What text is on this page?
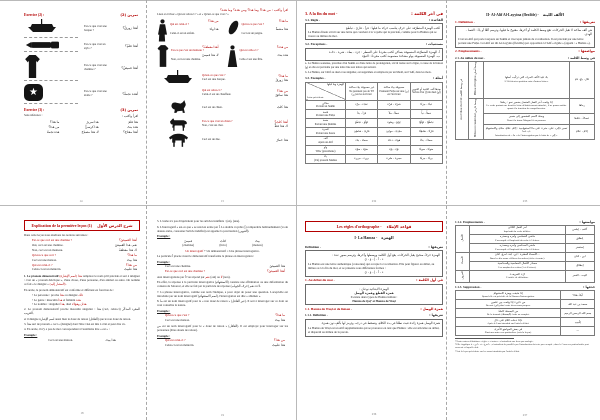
Exercice (2) :	تمرين (2)
Est-ce que c'est une barque ?	أهذا زورقٌ؟
Est-ce que c'est un stylo ?	أهذا قلمٌ؟
Est-ce que c'est une chemise ?	أهذا قميصٌ؟
★	Est-ce que c'est une étoile ?	أهذه نجمةٌ؟
Exercice (3) :	تمرين (3)
Sans référence :	اقرأ واكتب :
هذا قلمٌ
هذا سريرٌ
ما هذا؟
هذه بنتٌ
هذا كرسيٌّ
من هذا؟
أهذا مفتاحٌ؟
لا، هذا مصباحٌ
هذه نجمةٌ
14
اقرأ واكتب : من هذا؟ وما هذا؟ ومن هذه؟ وما هذه؟
Lisez et écrivez « Qui est celui-ci ? » et « Qu'est-ce que c'est ? »
من هذا؟
Qui est celui-ci ?
هذا ولدٌ
Celui-ci est un enfant.
ما هذا؟
Qu'est-ce que c'est ?
هذا مشطٌ
Ceci est un peigne.
أهذا معطفٌ؟
Est-ce que c'est un manteau ?
لا، هذا قميصٌ
Non, ceci est une chemise.
من هذه؟
Qui est celle-ci ?
هذه بنتٌ
Celle-ci est une fille.
Qu'est-ce que c'est ?
Ceci est une barque.
ما هذا؟
هذا زورقٌ
Qui est celui-ci ?
Celui-ci est un chauffeur.
من هذا؟
هذا سائقٌ
Ceci est un chien.	هذا كلبٌ
Est-ce que c'est un chien ?
Non, c'est un chat.
أهذا كلبٌ؟
لا، هذا قطٌّ
Ceci est un âne.	هذا حمارٌ
15
3. A la fin du mot -	في آخر الكلمة :
3.1. Règle -	القاعدة :
تُكتب الهمزة المتطرّفة على حرفٍ يناسب حركة ما قبلها : قرأ - قارئ - تباطؤ
La Hamza finale s'écrit sur une lettre qui convient à la voyelle qui la précède, comme pour la Hamza qui se trouve au milieu du mot.
3.2. Exceptions -	مستثنيات :
أ- الهمزة المتطرّفة المسبوقة بساكن تُكتب مفردةً على السطر : جزء - بطء - شيء - دفء
ب- الهمزة المسبوقة بواو مشدّدة مضمومة تُكتب مفردةً : التبوّء
a- La Hamza soutenue, précédée d'un Sukūn ou d'une lettre de prolongation, s'écrit isolée sur la ligne, à cause de la liaison (و) et elle est précédée par une lettre liée aux lettres qui suivent.
b- La Hamza, sur l'Alif au duel et au singulier, est supprimée et remplacée par un Madd, sur l'Alif, dans les mots.
3.3. Exemples -	أمثلة :
الهمزة وما قبلها
Lettre précédente	غير مسبوقة بياء ساكنة
Ne prennent pas de Yā' (ي) en les écrivant	مسبوقة بياء ساكنة
Prennent Fatḥa sur une (ي) en l'écrivant	بعدها ألف التثنية أو التنوين
Suivie d'un (ا) du duel (أو)
ساكن
Portant un Sukūn	عبْء - جزْء	شيْء - فيْء	عبئًا - جزءًا
فتحة
Portant une Fatḥa	قرَأ - بدَأ	خطَأ - ملَأ	خطأً - نبأً
ضمة
Portant une Ḍamma	لؤلُؤ - تباطُؤ	بُؤبُؤ - وضُوء	تباطُؤًا - لؤلُؤًا
كسرة
Portant une Kasra	قارِئ - شاطِئ	مبادِئ - موانِئ	قارِئًا - شاطِئًا
ألف
Après un Alif	سماء - بناء	هواء - دعاء	سماءً - بناءً
واو
Wāw (précédente)	ضوْء - سوْء	نوْء - بوْء	ضوءًا - سوءًا
ياء
(Un) pronom Suküne	بريء - جريء	مجيء - مليء	بريئًا - جريئًا
232
II- Al-Alif Al-Layyina (flexible) - الألف اللينة
1. Définition -	تعريفها :
هي ألف ساكنة لا تقبل الحركات، تقع وسط الكلمة أو آخرها، مفتوحٌ ما قبلها، وترسم ألفًا أو ياءً : العصا - الهدى.
C'est un Alif qui porte toujours un Sukūn et n'accepte jamais de vocalisation. Il est précédé par une lettre portant une Fatḥa. Cet Alif est dit Al-Layyina (flexible) par opposition à l'Alif « rigide » (appelé : « Hamza »).
2. Emplacements -	مواضعها :
2.1. Au milieu du mot -	في وسط الكلمة :
في وسط الكلمة Au milieu du mot	وسط أصلي Milieu d'origine	بك تليد الألف الحرف التي تركّبت أصلها
L'Alif tient sa position entre d'autres lettres.	قال، باع، نام
	وسط عارض Milieu occasionnel	إذا وقعت آخر الفعل المتصل بضميرٍ نحو : رماها
Le verbe portant une dernière lettre définitivement rattachée, il ne pourra suffire quant à la fonction de compréhension.	رماها
		وصلة الاسم المقصور إلى ضمير
Nom à la forme Maqṣūr lié au pronom.	عصاكَ - فتاها
		تصير «إلى، على، حتى» على ما الاستفهامية : إلامَ، علامَ، حتامَ، والاستفهام بـ «ما»
Introduction de « ما » de l'interrogation par le biais de « إلى ».	إلامَ - علامَ
233
Explication de la première leçon (1) شرح الدرس الأول
Dans cette leçon nous étudions les notions suivantes :
Est-ce que ceci est une chemise ?	أهذا القميصُ؟
Oui, ceci est une chemise.	نعم، هذا القميصُ
Non, ceci est un manteau.	لا، هذا معطفٌ
Qu'est-ce que ceci ?	ما هذا؟
Ceci est une maison.	هذا بيتٌ
Qui est celui-ci ?	من هذا؟
Celui-ci est un médecin.	هذا طبيبٌ
1. Le pronom démonstratif (اسم الإشارة) هذا remplace le nom qu'il précède et sert à désigner : c'est un « pronom déictique », d'une chose, d'une personne, d'un animal ou autre. On nomme ce fait « le désigné » (المشار إليه).
En arabe, le pronom démonstratif est conforme et différent en fonction de :
• La personne : proche هذا ou désigné ذلك
• Le genre : masculin هذا et féminin هذه
• Le nombre : singulier هذا, duel هذان وهؤلاء
2. Le pronom démonstratif proche masculin singulier : هذا (ceci, celui-ci) المفرد المذكّر القريب,
et il désigne اسم الإشارة aussi bien le doué de raison (العاقل) que le non doué de raison.
3. هذا sert de pronom « ceci » (désigné) dont l'être visé est mis à côté et peut être vu.
4. En arabe, il n'y a pas de mot correspondant à l'auxiliaire être « est » :
Exemple :
Ceci est une maison.	هذا بيتٌ
18
5. L'arabe n'a pas d'équivalent pour les articles indéfinis : (un), (une).
6. L'interrogatif « est-ce que » se rend en arabe par أ. La double voyelle (ـٌ) comparable habituellement (va de dessus arabe, consonne l'article indéfini) est appelée la ponctuation (التنوين).
Exemple :
قميصٌ
(chemise)
كتابٌ
(livre)
بيتٌ
(maison)
Un interrogatif + Un démonstratif = Une phrase interrogative.
La particule أ placée avant le démonstratif transforme la phrase en interrogation :
Exemple :
Ceci est une chemise.	هذا القميصُ
Est-ce que ceci est une chemise ?	أهذا القميصُ؟
Aux interrogations par أ l'on répond par نعم (oui) ou لا (non).
En effet, la réponse à la particule interrogative (الاستفهام) consiste une affirmation ou une déformation du contenu de l'énoncé, et elle se fait par la particule de réponse (حرف الجواب) نعم ou لا.
7. La phrase interrogative, comme son nom l'indique, a pour objet de poser une question. Lorsqu'elle est introduite par un nom interrogatif (اسم الاستفهام), l'interrogation est dite « allumée ».
8. ما est un nom interrogatif pour le « non doué de raison » (غير العاقل). Il sert à interroger sur ce dont on veut connaître la nature.
Exemple :
Qu'est-ce que c'est ?	ما هذا؟
Ceci est une maison.	هذا بيتٌ
من est un nom interrogatif pour le « doué de raison » (العاقل). Il est employé pour interroger sur les personnes (êtres doués de raison).
Exemple :
Qui est celui-ci ?	من هذا؟
Celui-ci est un médecin.	هذا طبيبٌ
19
Les règles d'orthographe - قواعد الإملاء
I- La Hamza - الهمزة
Définition -	تعريفها :
الهمزة حرفٌ صحيح يقبل الحركات، يقع أول الكلمة ووسطها وآخرها، ويُرسم بصورٍ عدة :
ء - أ - إ - ؤ - ئ
La Hamza est une lettre authentique (consonne) qui accepte la vocalisation. Elle peut figurer au début, au milieu ou à la fin du mot, et se présente sous différentes formes :
ء - أ - إ - ؤ - ئ
1. Au début du mot -	في أول الكلمة :
الهمزة الابتدائية نوعان :
همزة القطع وهمزة الوصل
Il existe deux types de Hamza initiale :
Hamza de Qaṭ‘ et Hamza de Waṣl
1.1. Hamza de Waṣl et de liaison -	همزة الوصل :
1.1.1. Définition -	تعريفها :
همزة الوصل همزة زائدة تثبت نطقًا في بدء الكلام، وتسقط في درجه، ويُرمز لها بألفٍ دون همزة.
La Hamza de Waṣl est un Alif supplémentaire qui se prononce en tant que Hamza : elle est articulée au début, et disparaît au milieu de la parole.
236
1.1.2. Emplacements -	مواضعها :
الأفعال	أمر الفعل الثلاثي
Impératif du verbe trilitère.	اُكتب - اِجلس
	ماضي الخماسي وأمره ومصدره
L'accompli et l'impératif du verbe à 5 lettres.	اِنطلق
	ماضي السداسي وأمره ومصدره
L'accompli et l'impératif du verbe à 6 lettres.	اِستغفر
الأسماء	الأسماء العشرة : ابن، ابنة، امرؤ، اثنان...
Dans les dix noms célèbres des arabes (cités ci-contre).	ابن - اثنان
	مصادر الأفعال الخماسية والسداسية
Les maṣdar des verbes (5 et 6 lettres).	اِنطلاق
الحروف	«ال» التعريف
L'article de définition.	البيت - القمر
1.1.3. Suppression -	حذفها :
إذا سُبقت بهمزة الاستفهام
Quand elle est précédée de la Hamza d'interrogation.	أبنُكَ هذا؟
من «ابن» إذا وقعت بين علمين
Du mot (ابن) placé entre deux noms propres.	محمد بن عبد الله
من البسملة كاملةً
De la formule (البسملة) écrite au complet.	بسم الله الرحمن الرحيم
إذا دخلت اللام على «ال»
Après le Lām introduit sur l'article défini.	لِلْبيتِ
في بعض المواضع الأخرى
Plusieurs autres cas particuliers (voir la leçon).	—
¹ Toutes autres définitions : règles « et autres » s'assimilent aux deux par analogie.
² Elle s'applique à « ابن » et « امرؤ » ; s'assimilent de parallèle par l'introduction du texte par exemple ; dans le Coran ses particularités peut convenir et laquelle doit.
³ Voir la leçon précédente sur les noms introduits par l'article défini.
237
